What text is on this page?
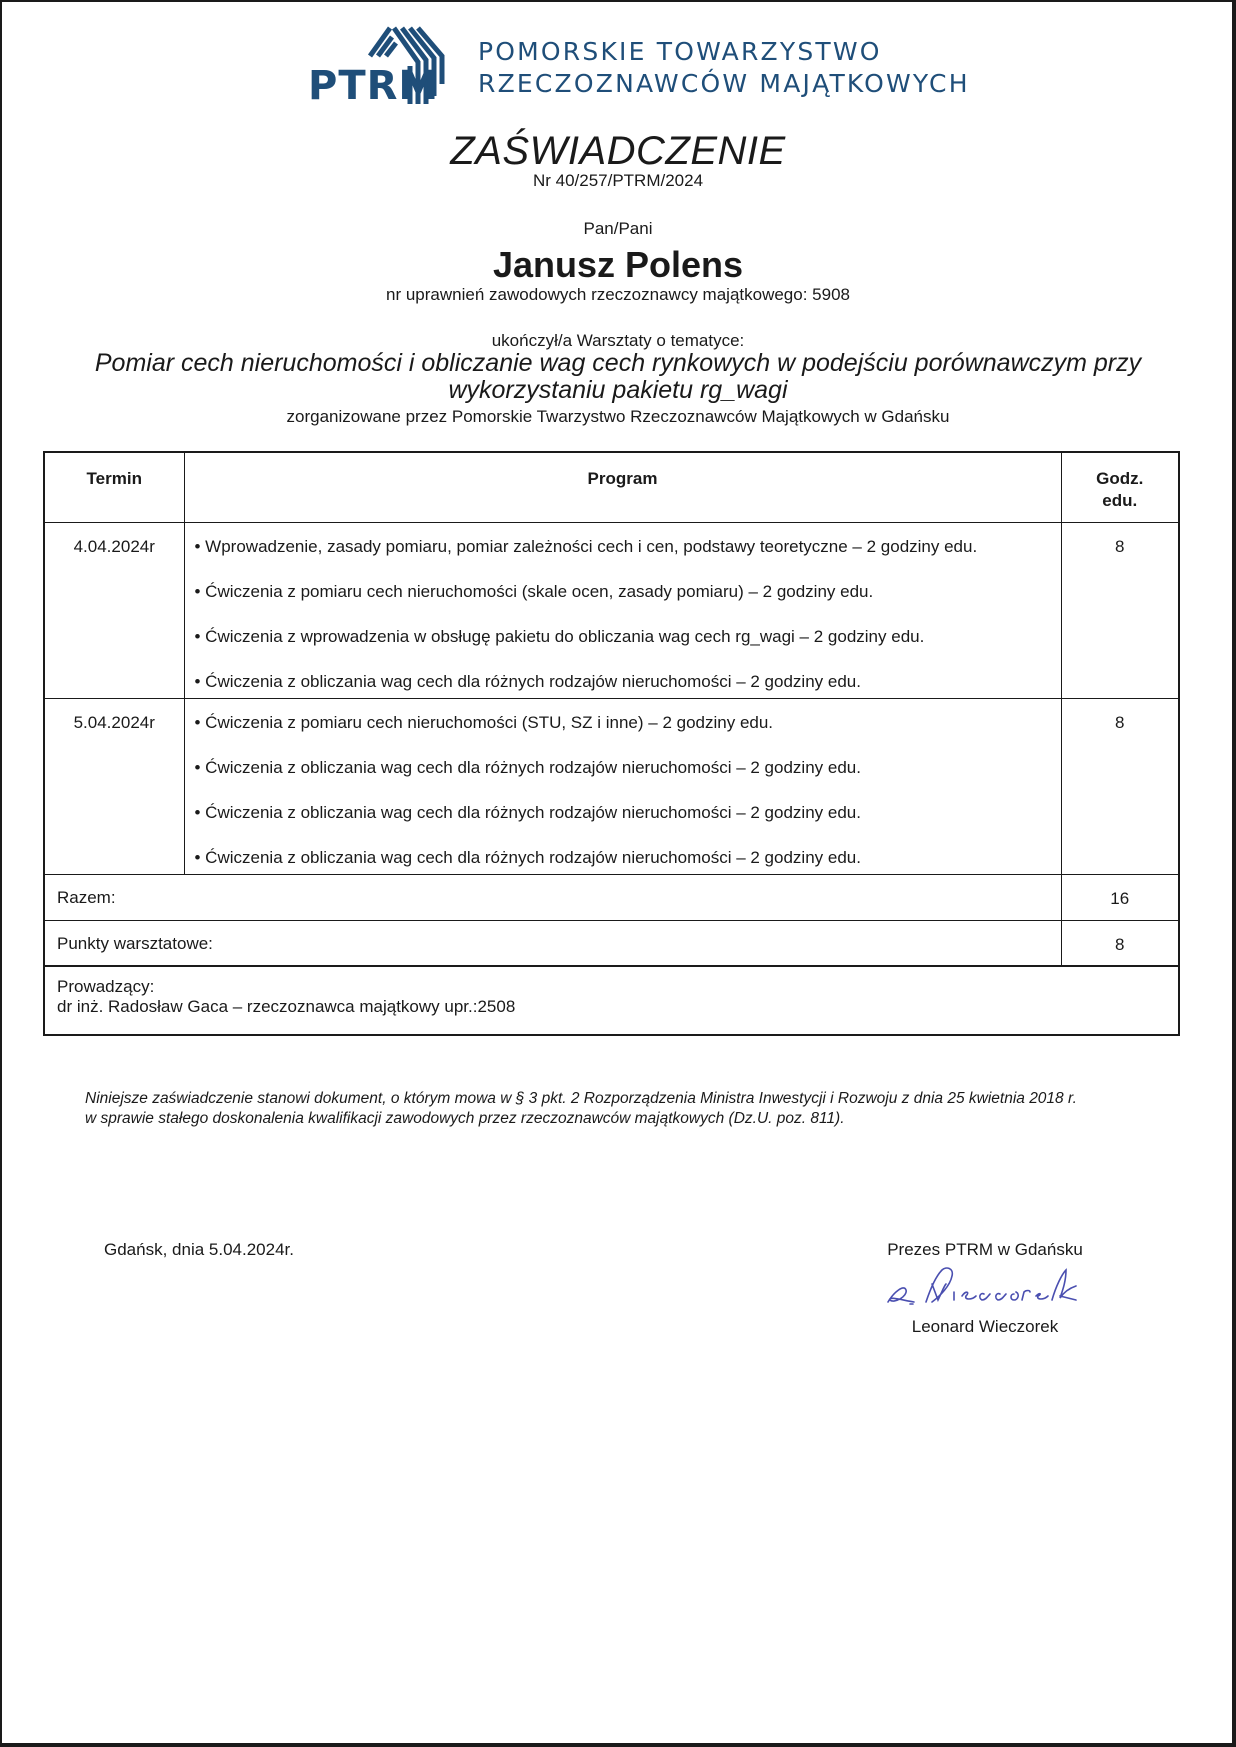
PTRM
POMORSKIE TOWARZYSTWO
RZECZOZNAWCÓW MAJĄTKOWYCH
ZAŚWIADCZENIE
Nr 40/257/PTRM/2024
Pan/Pani
Janusz Polens
nr uprawnień zawodowych rzeczoznawcy majątkowego: 5908
ukończył/a Warsztaty o tematyce:
Pomiar cech nieruchomości i obliczanie wag cech rynkowych w podejściu porównawczym przy wykorzystaniu pakietu rg_wagi
zorganizowane przez Pomorskie Twarzystwo Rzeczoznawców Majątkowych w Gdańsku
Termin	Program	Godz.
edu.

4.04.2024r	• Wprowadzenie, zasady pomiaru, pomiar zależności cech i cen, podstawy teoretyczne – 2 godziny edu.
• Ćwiczenia z pomiaru cech nieruchomości (skale ocen, zasady pomiaru) – 2 godziny edu.
• Ćwiczenia z wprowadzenia w obsługę pakietu do obliczania wag cech rg_wagi – 2 godziny edu.
• Ćwiczenia z obliczania wag cech dla różnych rodzajów nieruchomości – 2 godziny edu.	8
5.04.2024r	• Ćwiczenia z pomiaru cech nieruchomości (STU, SZ i inne) – 2 godziny edu.
• Ćwiczenia z obliczania wag cech dla różnych rodzajów nieruchomości – 2 godziny edu.
• Ćwiczenia z obliczania wag cech dla różnych rodzajów nieruchomości – 2 godziny edu.
• Ćwiczenia z obliczania wag cech dla różnych rodzajów nieruchomości – 2 godziny edu.	8
Razem:		16
Punkty warsztatowe:		8

Prowadzący:
dr inż. Radosław Gaca – rzeczoznawca majątkowy upr.:2508		
Niniejsze zaświadczenie stanowi dokument, o którym mowa w § 3 pkt. 2 Rozporządzenia Ministra Inwestycji i Rozwoju z dnia 25 kwietnia 2018 r.
w sprawie stałego doskonalenia kwalifikacji zawodowych przez rzeczoznawców majątkowych (Dz.U. poz. 811).
Gdańsk, dnia 5.04.2024r.	Prezes PTRM w Gdańsku
Leonard Wieczorek
